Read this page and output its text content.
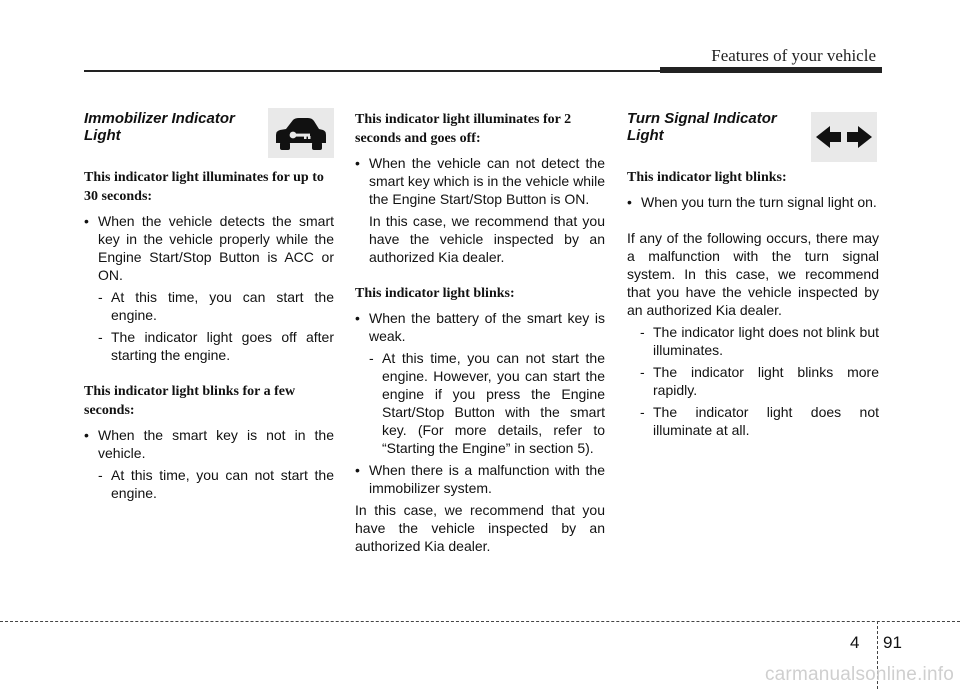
Features of your vehicle
Immobilizer Indicator
Light
This indicator light illuminates for up to 30 seconds:
• When the vehicle detects the smart key in the vehicle properly while the Engine Start/Stop Button is ACC or ON.
- At this time, you can start the engine.
- The indicator light goes off after starting the engine.
This indicator light blinks for a few seconds:
• When the smart key is not in the vehicle.
- At this time, you can not start the engine.
This indicator light illuminates for 2 seconds and goes off:
• When the vehicle can not detect the smart key which is in the vehicle while the Engine Start/Stop Button is ON.
In this case, we recommend that you have the vehicle inspected by an authorized Kia dealer.
This indicator light blinks:
• When the battery of the smart key is weak.
- At this time, you can not start the engine. However, you can start the engine if you press the Engine Start/Stop Button with the smart key. (For more details, refer to “Starting the Engine” in section 5).
• When there is a malfunction with the immobilizer system.
In this case, we recommend that you have the vehicle inspected by an authorized Kia dealer.
Turn Signal Indicator
Light
This indicator light blinks:
• When you turn the turn signal light on.
If any of the following occurs, there may a malfunction with the turn signal system. In this case, we recommend that you have the vehicle inspected by an authorized Kia dealer.
- The indicator light does not blink but illuminates.
- The indicator light blinks more rapidly.
- The indicator light does not illuminate at all.
4 91
carmanualsonline.info
